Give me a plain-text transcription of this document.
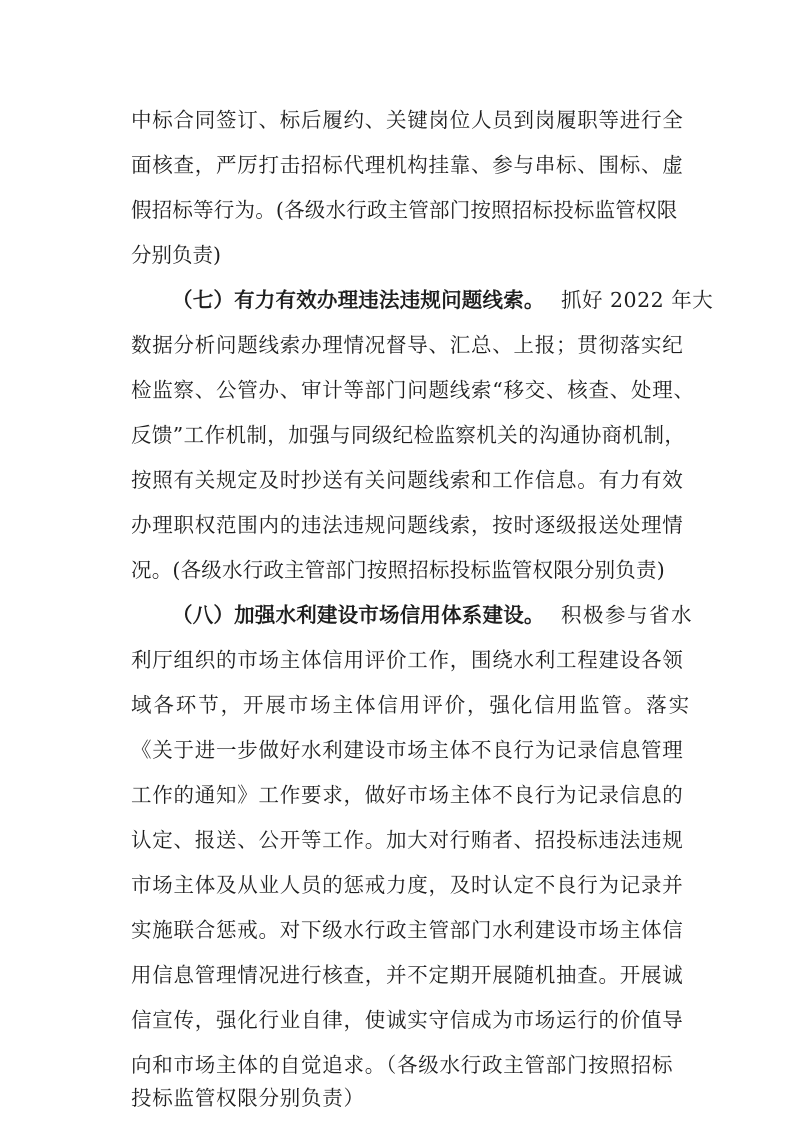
中标合同签订、标后履约、关键岗位人员到岗履职等进行全
面核查，严厉打击招标代理机构挂靠、参与串标、围标、虚
假招标等行为。(各级水行政主管部门按照招标投标监管权限
分别负责)
（七）有力有效办理违法违规问题线索。 抓好 2022 年大
数据分析问题线索办理情况督导、汇总、上报；贯彻落实纪
检监察、公管办、审计等部门问题线索“移交、核查、处理、
反馈”工作机制，加强与同级纪检监察机关的沟通协商机制，
按照有关规定及时抄送有关问题线索和工作信息。有力有效
办理职权范围内的违法违规问题线索，按时逐级报送处理情
况。(各级水行政主管部门按照招标投标监管权限分别负责)
（八）加强水利建设市场信用体系建设。 积极参与省水
利厅组织的市场主体信用评价工作，围绕水利工程建设各领
域各环节，开展市场主体信用评价，强化信用监管。落实
《关于进一步做好水利建设市场主体不良行为记录信息管理
工作的通知》工作要求，做好市场主体不良行为记录信息的
认定、报送、公开等工作。加大对行贿者、招投标违法违规
市场主体及从业人员的惩戒力度，及时认定不良行为记录并
实施联合惩戒。对下级水行政主管部门水利建设市场主体信
用信息管理情况进行核查，并不定期开展随机抽查。开展诚
信宣传，强化行业自律，使诚实守信成为市场运行的价值导
向和市场主体的自觉追求。（各级水行政主管部门按照招标
投标监管权限分别负责）
